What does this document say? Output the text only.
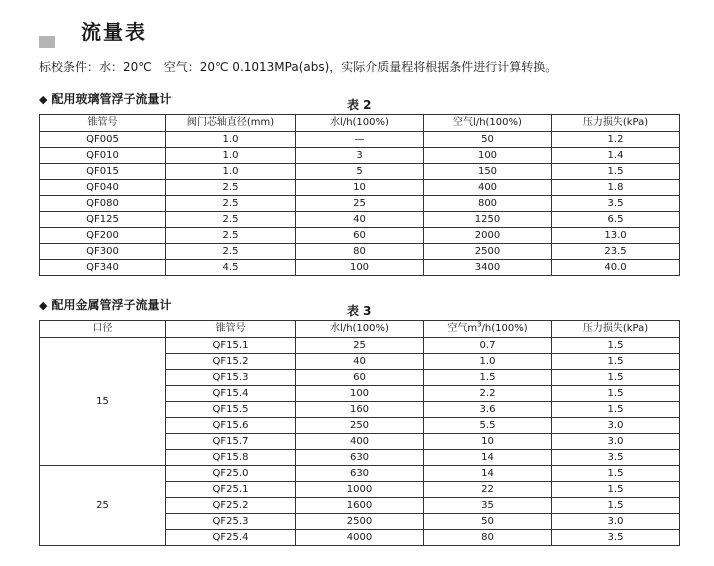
流量表
标校条件：水：20℃　空气：20℃ 0.1013MPa(abs)，实际介质量程将根据条件进行计算转换。
◆ 配用玻璃管浮子流量计	表 2
锥管号	阀门芯轴直径(mm)	水l/h(100%)	空气l/h(100%)	压力损失(kPa)
QF005	1.0	—	50	1.2
QF010	1.0	3	100	1.4
QF015	1.0	5	150	1.5
QF040	2.5	10	400	1.8
QF080	2.5	25	800	3.5
QF125	2.5	40	1250	6.5
QF200	2.5	60	2000	13.0
QF300	2.5	80	2500	23.5
QF340	4.5	100	3400	40.0
◆ 配用金属管浮子流量计	表 3
口径	锥管号	水l/h(100%)	空气$m^3/h(100\%)$	压力损失(kPa)
15	QF15.1	25	0.7	1.5
	QF15.2	40	1.0	1.5
	QF15.3	60	1.5	1.5
	QF15.4	100	2.2	1.5
	QF15.5	160	3.6	1.5
	QF15.6	250	5.5	3.0
	QF15.7	400	10	3.0
	QF15.8	630	14	3.5
25	QF25.0	630	14	1.5
	QF25.1	1000	22	1.5
	QF25.2	1600	35	1.5
	QF25.3	2500	50	3.0
	QF25.4	4000	80	3.5
